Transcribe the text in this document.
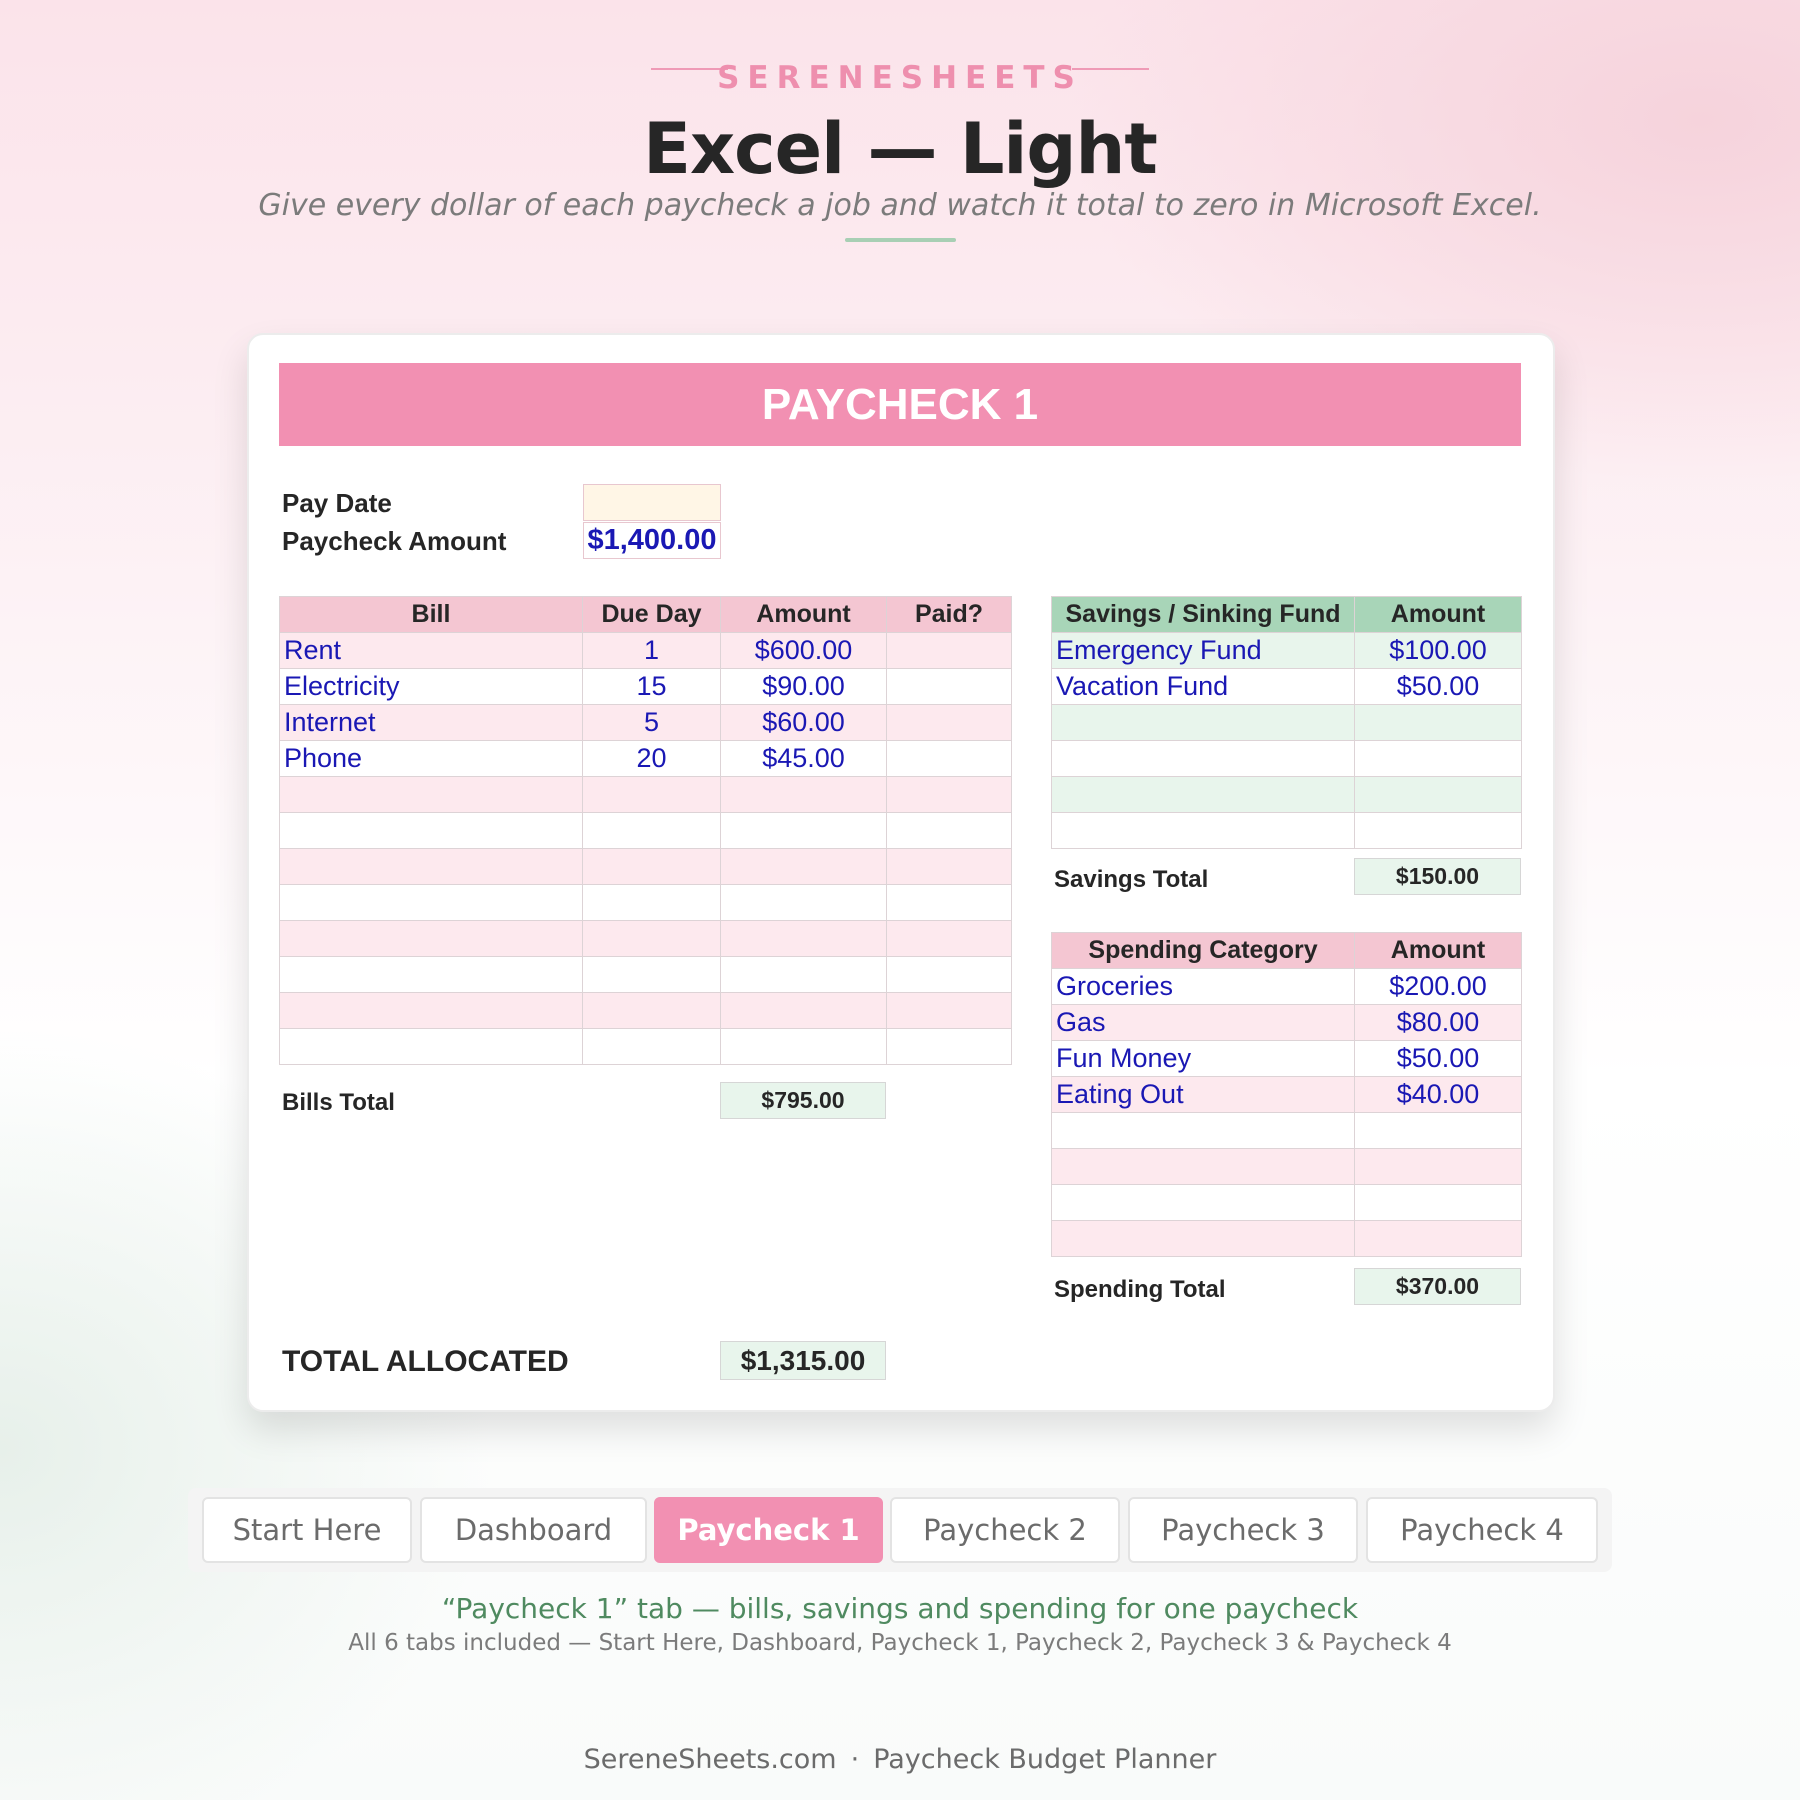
SERENESHEETS
Excel — Light
Give every dollar of each paycheck a job and watch it total to zero in Microsoft Excel.
PAYCHECK 1
Pay Date
Paycheck Amount	$1,400.00
Bill	Due Day	Amount	Paid?
Rent	1	$600.00	
Electricity	15	$90.00	
Internet	5	$60.00	
Phone	20	$45.00	

Bills Total	$795.00
Savings / Sinking Fund	Amount
Emergency Fund	$100.00
Vacation Fund	$50.00

Savings Total	$150.00
Spending Category	Amount
Groceries	$200.00
Gas	$80.00
Fun Money	$50.00
Eating Out	$40.00

Spending Total	$370.00
TOTAL ALLOCATED	$1,315.00
Start Here	Dashboard	Paycheck 1	Paycheck 2	Paycheck 3	Paycheck 4
“Paycheck 1” tab — bills, savings and spending for one paycheck
All 6 tabs included — Start Here, Dashboard, Paycheck 1, Paycheck 2, Paycheck 3 & Paycheck 4
SereneSheets.com · Paycheck Budget Planner
